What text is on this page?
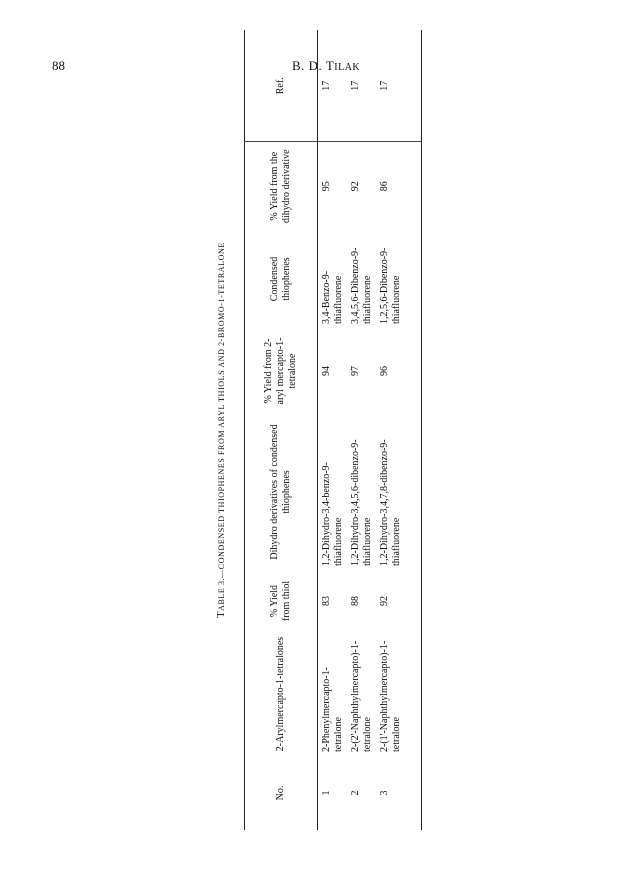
88	B. D. TILAK
TABLE 3.—CONDENSED THIOPHENES FROM ARYL THIOLS AND 2-BROMO-1-TETRALONE
No.	2-Arylmercapto-1-tetralones	% Yield from thiol	Dihydro derivatives of condensed thiophenes	% Yield from 2-aryl mercapto-1-tetralone	Condensed thiophenes	% Yield from the dihydro derivative	Ref.
1	2-Phenylmercapto-1-tetralone	83	1,2-Dihydro-3,4-benzo-9-thiafluorene	94	3,4-Benzo-9-thiafluorene	95	17
2	2-(2'-Naphthylmercapto)-1-tetralone	88	1,2-Dihydro-3,4,5,6-dibenzo-9-thiafluorene	97	3,4,5,6-Dibenzo-9-thiafluorene	92	17
3	2-(1'-Naphthylmercapto)-1-tetralone	92	1,2-Dihydro-3,4,7,8-dibenzo-9-thiafluorene	96	1,2,5,6-Dibenzo-9-thiafluorene	86	17
